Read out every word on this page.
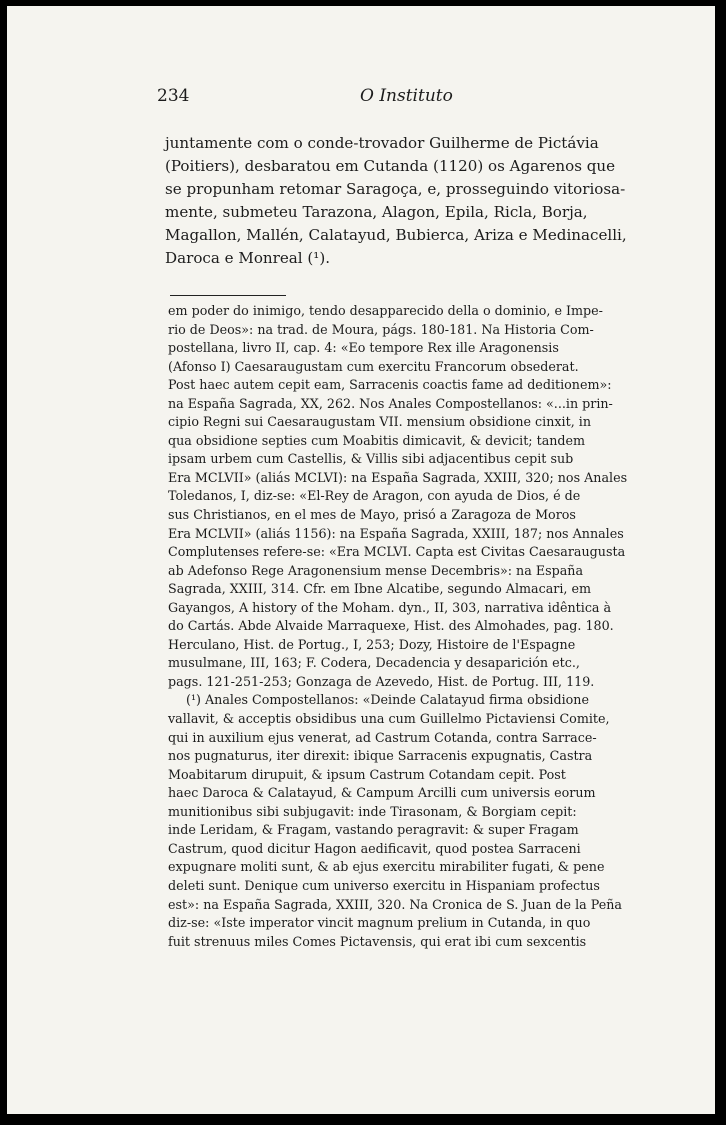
234	O Instituto
juntamente com o conde-trovador Guilherme de Pictávia
(Poitiers), desbaratou em Cutanda (1120) os Agarenos que
se propunham retomar Saragoça, e, prosseguindo vitoriosa-
mente, submeteu Tarazona, Alagon, Epila, Ricla, Borja,
Magallon, Mallén, Calatayud, Bubierca, Ariza e Medinacelli,
Daroca e Monreal (¹).
em poder do inimigo, tendo desapparecido della o dominio, e Impe-
rio de Deos»: na trad. de Moura, págs. 180-181. Na Historia Com-
postellana, livro II, cap. 4: «Eo tempore Rex ille Aragonensis
(Afonso I) Caesaraugustam cum exercitu Francorum obsederat.
Post haec autem cepit eam, Sarracenis coactis fame ad deditionem»:
na España Sagrada, XX, 262. Nos Anales Compostellanos: «...in prin-
cipio Regni sui Caesaraugustam VII. mensium obsidione cinxit, in
qua obsidione septies cum Moabitis dimicavit, & devicit; tandem
ipsam urbem cum Castellis, & Villis sibi adjacentibus cepit sub
Era MCLVII» (aliás MCLVI): na España Sagrada, XXIII, 320; nos Anales
Toledanos, I, diz-se: «El-Rey de Aragon, con ayuda de Dios, é de
sus Christianos, en el mes de Mayo, prisó a Zaragoza de Moros
Era MCLVII» (aliás 1156): na España Sagrada, XXIII, 187; nos Annales
Complutenses refere-se: «Era MCLVI. Capta est Civitas Caesaraugusta
ab Adefonso Rege Aragonensium mense Decembris»: na España
Sagrada, XXIII, 314. Cfr. em Ibne Alcatibe, segundo Almacari, em
Gayangos, A history of the Moham. dyn., II, 303, narrativa idêntica à
do Cartás. Abde Alvaide Marraquexe, Hist. des Almohades, pag. 180.
Herculano, Hist. de Portug., I, 253; Dozy, Histoire de l'Espagne
musulmane, III, 163; F. Codera, Decadencia y desaparición etc.,
pags. 121-251-253; Gonzaga de Azevedo, Hist. de Portug. III, 119.
(¹) Anales Compostellanos: «Deinde Calatayud firma obsidione
vallavit, & acceptis obsidibus una cum Guillelmo Pictaviensi Comite,
qui in auxilium ejus venerat, ad Castrum Cotanda, contra Sarrace-
nos pugnaturus, iter direxit: ibique Sarracenis expugnatis, Castra
Moabitarum dirupuit, & ipsum Castrum Cotandam cepit. Post
haec Daroca & Calatayud, & Campum Arcilli cum universis eorum
munitionibus sibi subjugavit: inde Tirasonam, & Borgiam cepit:
inde Leridam, & Fragam, vastando peragravit: & super Fragam
Castrum, quod dicitur Hagon aedificavit, quod postea Sarraceni
expugnare moliti sunt, & ab ejus exercitu mirabiliter fugati, & pene
deleti sunt. Denique cum universo exercitu in Hispaniam profectus
est»: na España Sagrada, XXIII, 320. Na Cronica de S. Juan de la Peña
diz-se: «Iste imperator vincit magnum prelium in Cutanda, in quo
fuit strenuus miles Comes Pictavensis, qui erat ibi cum sexcentis
